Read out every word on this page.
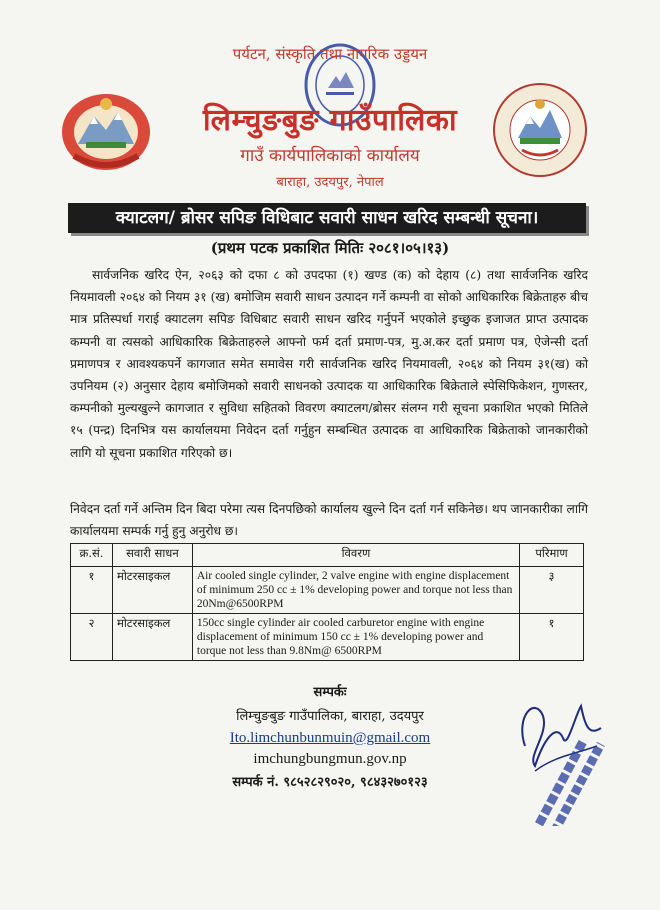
पर्यटन, संस्कृति तथा नागरिक उड्डयन
लिम्चुङबुङ गाउँपालिका
गाउँ कार्यपालिकाको कार्यालय
बाराहा, उदयपुर, नेपाल
क्याटलग/ ब्रोसर सपिङ विधिबाट सवारी साधन खरिद सम्बन्धी सूचना।
(प्रथम पटक प्रकाशित मितिः २०८१।०५।१३)
सार्वजनिक खरिद ऐन, २०६३ को दफा ८ को उपदफा (१) खण्ड (क) को देहाय (८) तथा सार्वजनिक खरिद नियमावली २०६४ को नियम ३१ (ख) बमोजिम सवारी साधन उत्पादन गर्ने कम्पनी वा सोको आधिकारिक बिक्रेताहरु बीच मात्र प्रतिस्पर्धा गराई क्याटलग सपिङ विधिबाट सवारी साधन खरिद गर्नुपर्ने भएकोले इच्छुक इजाजत प्राप्त उत्पादक कम्पनी वा त्यसको आधिकारिक बिक्रेताहरुले आफ्नो फर्म दर्ता प्रमाण-पत्र, मु.अ.कर दर्ता प्रमाण पत्र, ऐजेन्सी दर्ता प्रमाणपत्र र आवश्यकपर्ने कागजात समेत समावेस गरी सार्वजनिक खरिद नियमावली, २०६४ को नियम ३१(ख) को उपनियम (२) अनुसार देहाय बमोजिमको सवारी साधनको उत्पादक या आधिकारिक बिक्रेताले स्पेसिफिकेशन, गुणस्तर, कम्पनीको मुल्यखुल्ने कागजात र सुविधा सहितको विवरण क्याटलग/ब्रोसर संलग्न गरी सूचना प्रकाशित भएको मितिले १५ (पन्द्र) दिनभित्र यस कार्यालयमा निवेदन दर्ता गर्नुहुन सम्बन्धित उत्पादक वा आधिकारिक बिक्रेताको जानकारीको लागि यो सूचना प्रकाशित गरिएको छ।
निवेदन दर्ता गर्ने अन्तिम दिन बिदा परेमा त्यस दिनपछिको कार्यालय खुल्ने दिन दर्ता गर्न सकिनेछ। थप जानकारीका लागि कार्यालयमा सम्पर्क गर्नु हुनु अनुरोध छ।
क्र.सं.	सवारी साधन	विवरण	परिमाण
१	मोटरसाइकल	Air cooled single cylinder, 2 valve engine with engine displacement of minimum 250 cc ± 1% developing power and torque not less than 20Nm@6500RPM	३
२	मोटरसाइकल	150cc single cylinder air cooled carburetor engine with engine displacement of minimum 150 cc ± 1% developing power and torque not less than 9.8Nm@ 6500RPM	१
सम्पर्कः
लिम्चुङबुङ गाउँपालिका, बाराहा, उदयपुर
Ito.limchunbunmuin@gmail.com
imchungbungmun.gov.np
सम्पर्क नं. ९८५२८२९०२०, ९८४३२७०१२३
